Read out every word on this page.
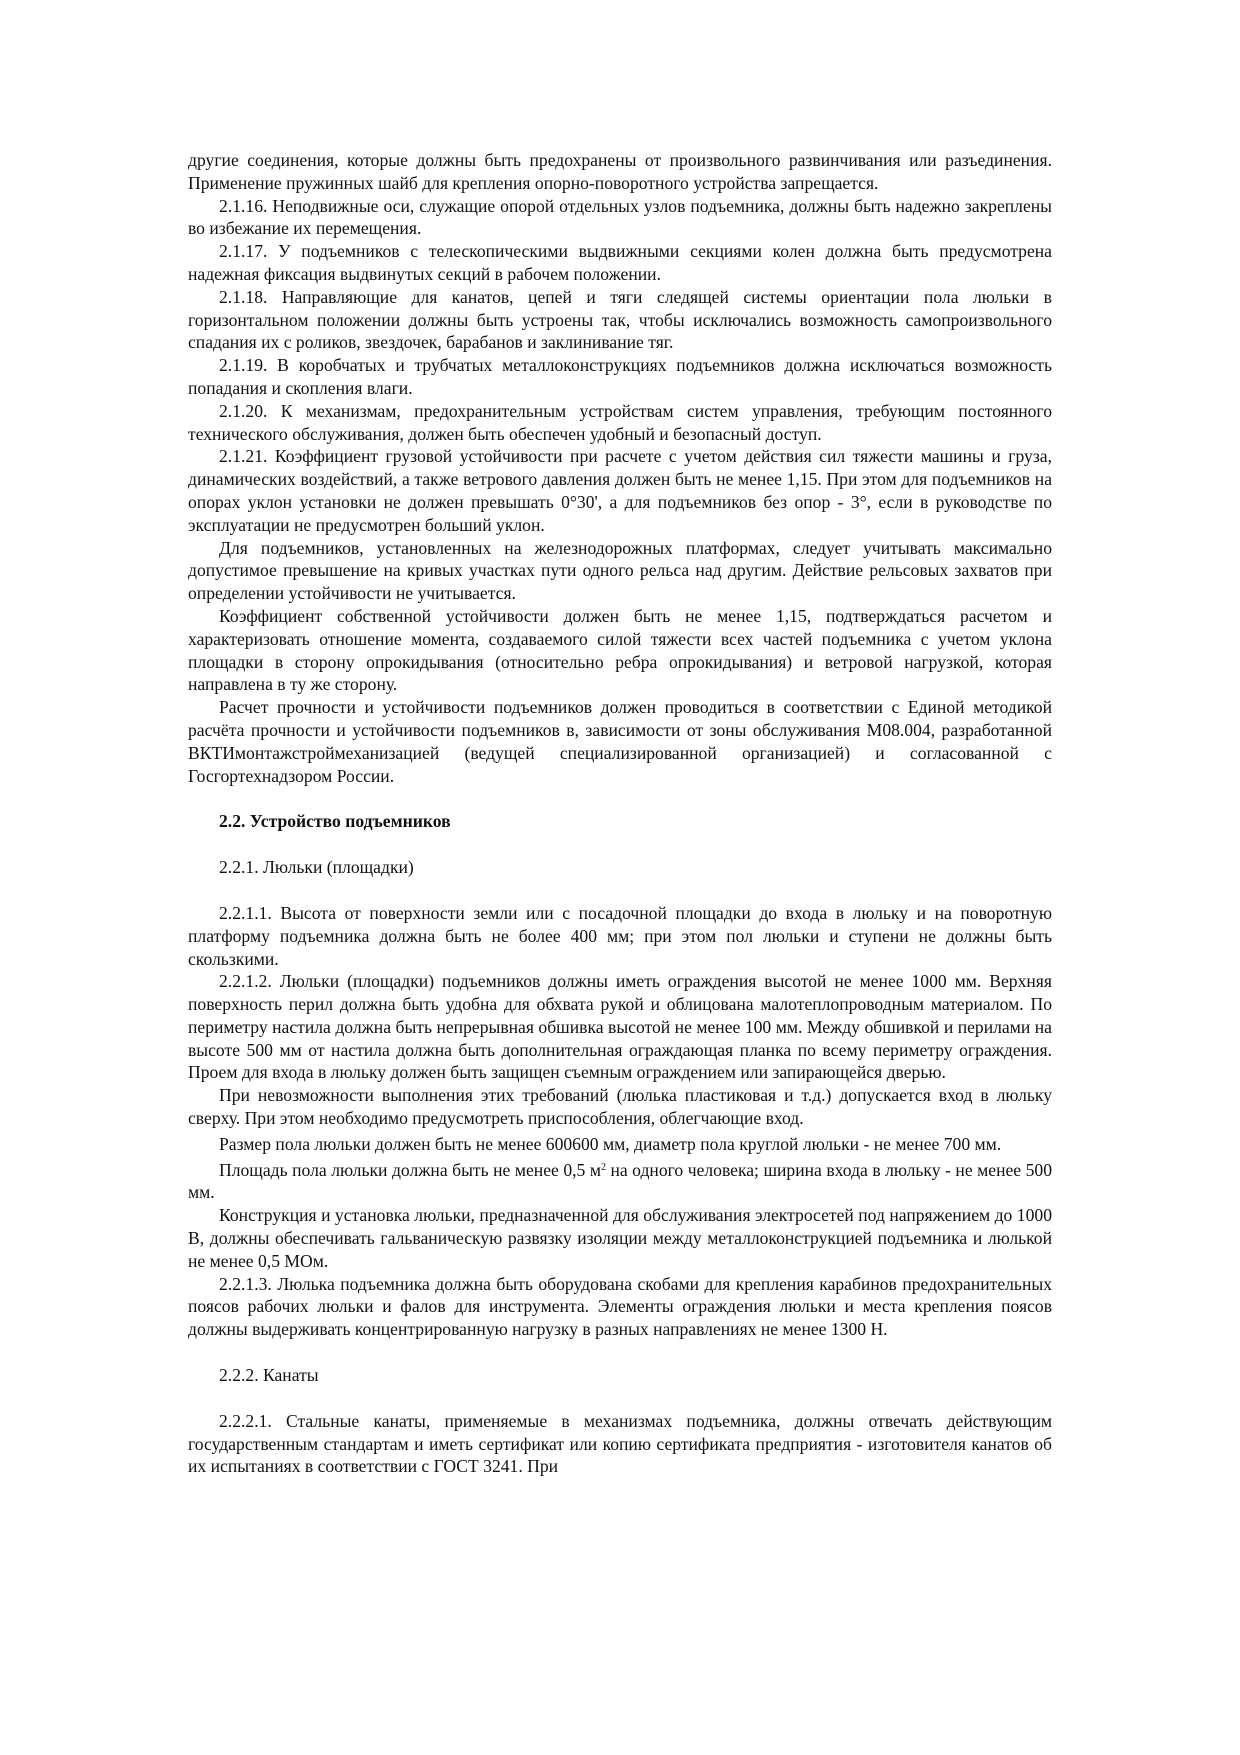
другие соединения, которые должны быть предохранены от произвольного развинчивания или разъединения. Применение пружинных шайб для крепления опорно-поворотного устройства запрещается.

2.1.16. Неподвижные оси, служащие опорой отдельных узлов подъемника, должны быть надежно закреплены во избежание их перемещения.

2.1.17. У подъемников с телескопическими выдвижными секциями колен должна быть предусмотрена надежная фиксация выдвинутых секций в рабочем положении.

2.1.18. Направляющие для канатов, цепей и тяги следящей системы ориентации пола люльки в горизонтальном положении должны быть устроены так, чтобы исключались возможность самопроизвольного спадания их с роликов, звездочек, барабанов и заклинивание тяг.

2.1.19. В коробчатых и трубчатых металлоконструкциях подъемников должна исключаться возможность попадания и скопления влаги.

2.1.20. К механизмам, предохранительным устройствам систем управления, требующим постоянного технического обслуживания, должен быть обеспечен удобный и безопасный доступ.

2.1.21. Коэффициент грузовой устойчивости при расчете с учетом действия сил тяжести машины и груза, динамических воздействий, а также ветрового давления должен быть не менее 1,15. При этом для подъемников на опорах уклон установки не должен превышать 0°30', а для подъемников без опор - 3°, если в руководстве по эксплуатации не предусмотрен больший уклон.

Для подъемников, установленных на железнодорожных платформах, следует учитывать максимально допустимое превышение на кривых участках пути одного рельса над другим. Действие рельсовых захватов при определении устойчивости не учитывается.

Коэффициент собственной устойчивости должен быть не менее 1,15, подтверждаться расчетом и характеризовать отношение момента, создаваемого силой тяжести всех частей подъемника с учетом уклона площадки в сторону опрокидывания (относительно ребра опрокидывания) и ветровой нагрузкой, которая направлена в ту же сторону.

Расчет прочности и устойчивости подъемников должен проводиться в соответствии с Единой методикой расчёта прочности и устойчивости подъемников в, зависимости от зоны обслуживания М08.004, разработанной ВКТИмонтажстроймеханизацией (ведущей специализированной организацией) и согласованной с Госгортехнадзором России.

2.2. Устройство подъемников

2.2.1. Люльки (площадки)

2.2.1.1. Высота от поверхности земли или с посадочной площадки до входа в люльку и на поворотную платформу подъемника должна быть не более 400 мм; при этом пол люльки и ступени не должны быть скользкими.

2.2.1.2. Люльки (площадки) подъемников должны иметь ограждения высотой не менее 1000 мм. Верхняя поверхность перил должна быть удобна для обхвата рукой и облицована малотеплопроводным материалом. По периметру настила должна быть непрерывная обшивка высотой не менее 100 мм. Между обшивкой и перилами на высоте 500 мм от настила должна быть дополнительная ограждающая планка по всему периметру ограждения. Проем для входа в люльку должен быть защищен съемным ограждением или запирающейся дверью.

При невозможности выполнения этих требований (люлька пластиковая и т.д.) допускается вход в люльку сверху. При этом необходимо предусмотреть приспособления, облегчающие вход.

Размер пола люльки должен быть не менее 600600 мм, диаметр пола круглой люльки - не менее 700 мм.

Площадь пола люльки должна быть не менее 0,5 $м^2$ на одного человека; ширина входа в люльку - не менее 500 мм.

Конструкция и установка люльки, предназначенной для обслуживания электросетей под напряжением до 1000 В, должны обеспечивать гальваническую развязку изоляции между металлоконструкцией подъемника и люлькой не менее 0,5 МОм.

2.2.1.3. Люлька подъемника должна быть оборудована скобами для крепления карабинов предохранительных поясов рабочих люльки и фалов для инструмента. Элементы ограждения люльки и места крепления поясов должны выдерживать концентрированную нагрузку в разных направлениях не менее 1300 Н.

2.2.2. Канаты

2.2.2.1. Стальные канаты, применяемые в механизмах подъемника, должны отвечать действующим государственным стандартам и иметь сертификат или копию сертификата предприятия - изготовителя канатов об их испытаниях в соответствии с ГОСТ 3241. При
